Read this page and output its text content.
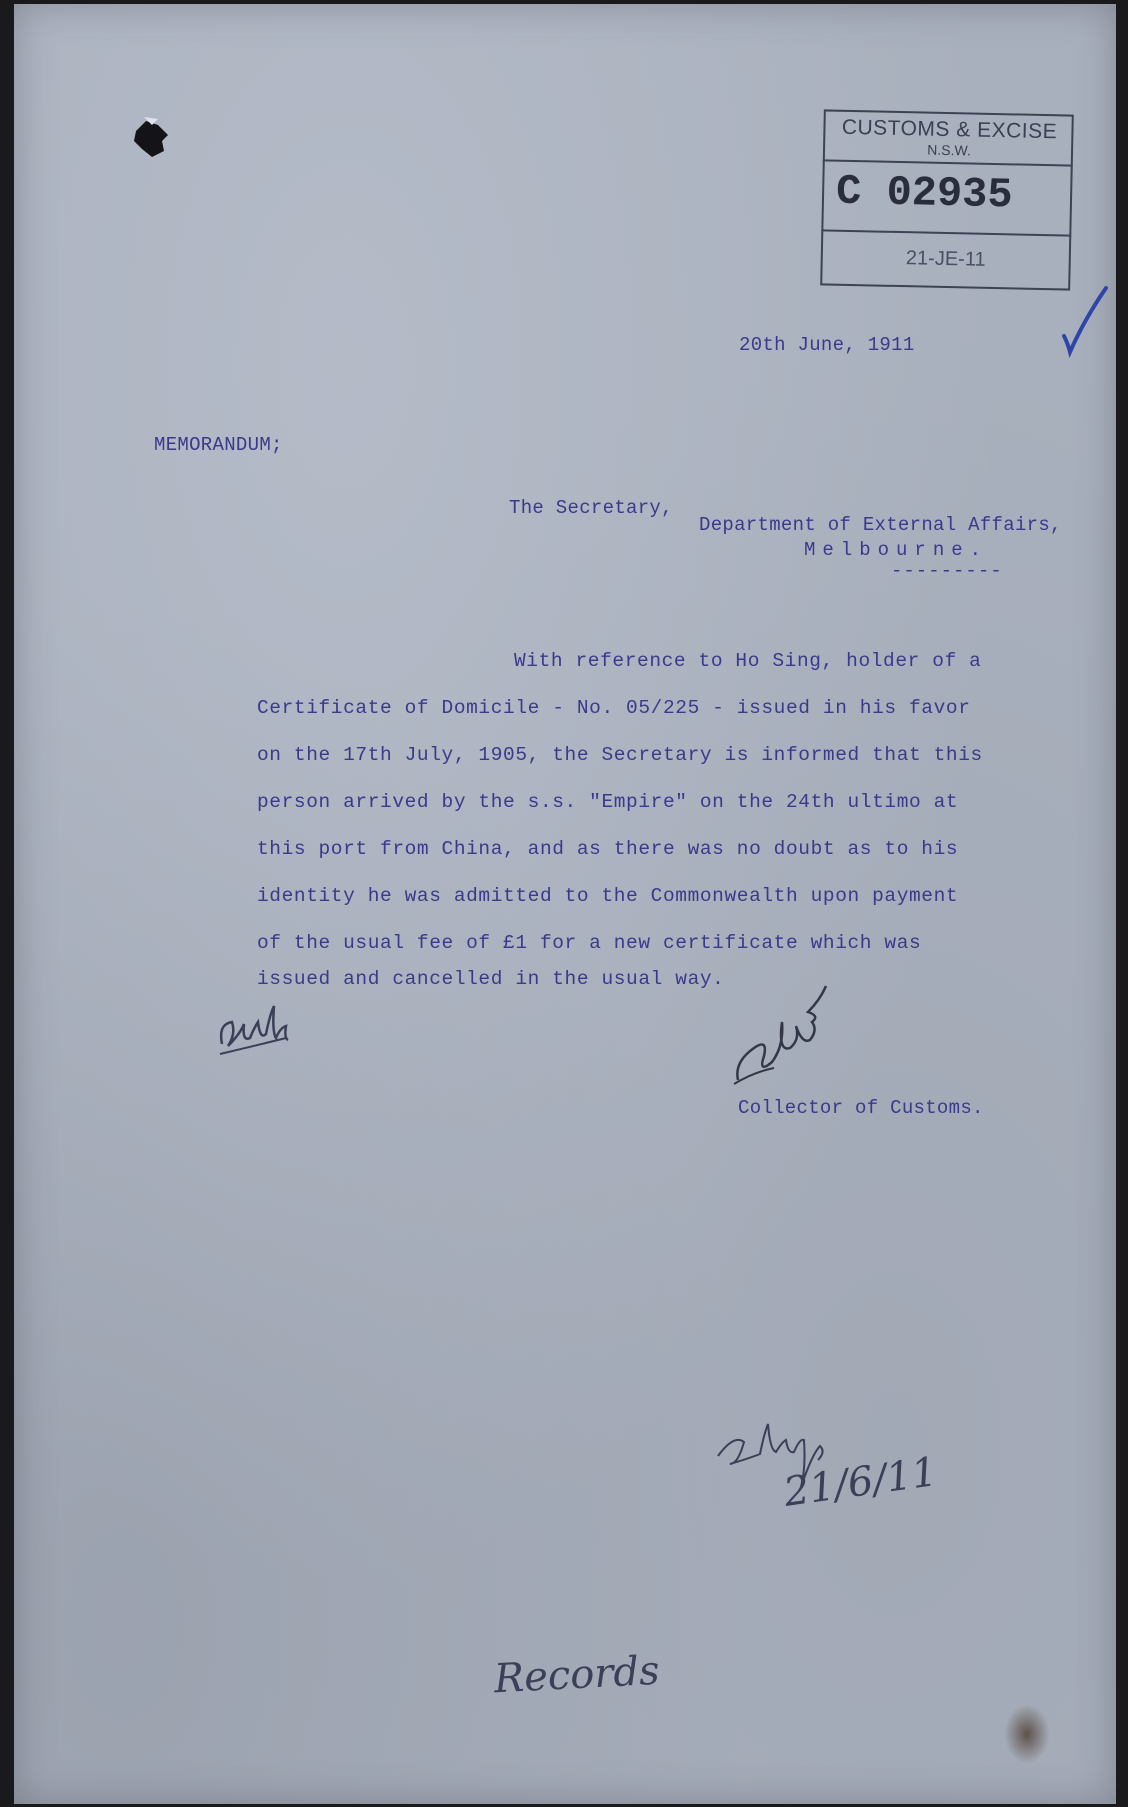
CUSTOMS & EXCISE
N.S.W.
C 02935
21-JE-11
20th June, 1911
MEMORANDUM;
The Secretary,
Department of External Affairs,
Melbourne.
---------
With reference to Ho Sing, holder of a
Certificate of Domicile - No. 05/225 - issued in his favor
on the 17th July, 1905, the Secretary is informed that this
person arrived by the s.s. "Empire" on the 24th ultimo at
this port from China, and as there was no doubt as to his
identity he was admitted to the Commonwealth upon payment
of the usual fee of £1 for a new certificate which was
issued and cancelled in the usual way.
Collector of Customs.
21/6/11
Records
